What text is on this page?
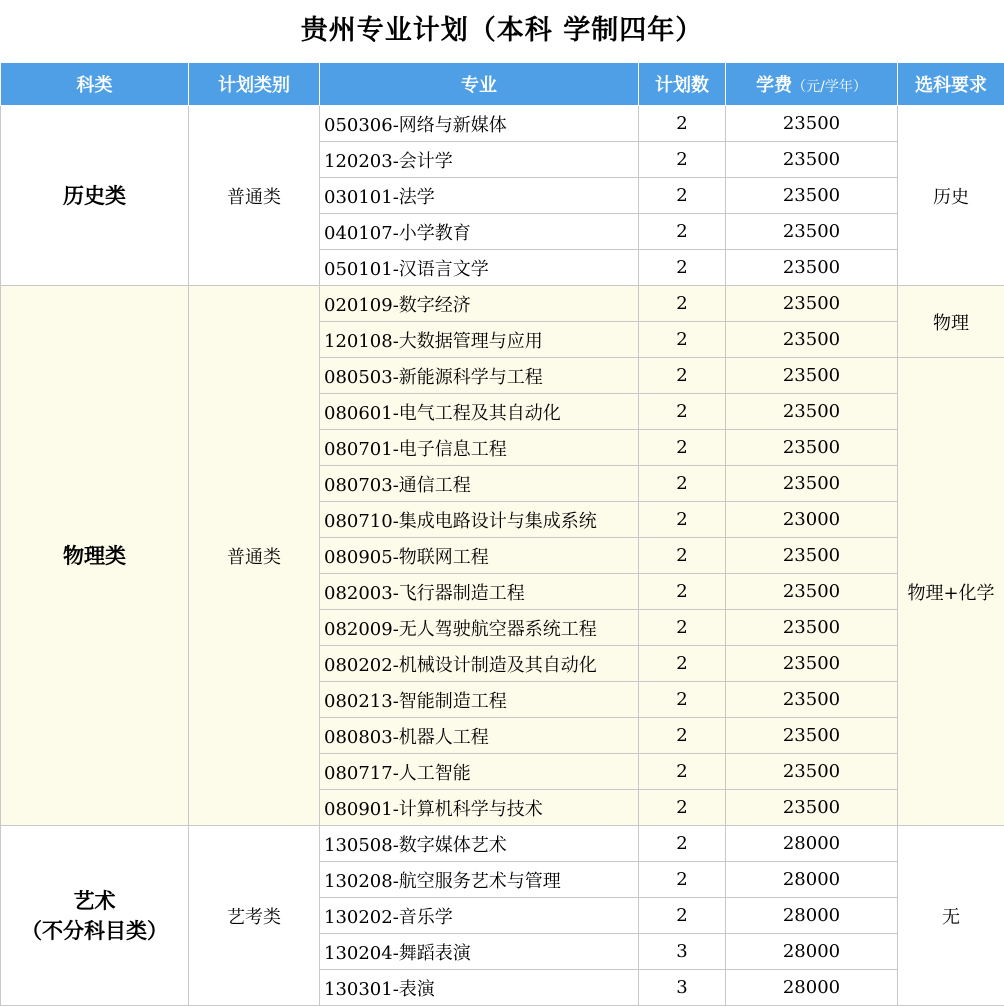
贵州专业计划（本科 学制四年）
科类	计划类别	专业	计划数	学费（元/学年）	选科要求
历史类	普通类	050306-网络与新媒体	2	23500	历史
		120203-会计学	2	23500	
		030101-法学	2	23500	
		040107-小学教育	2	23500	
		050101-汉语言文学	2	23500	
物理类	普通类	020109-数字经济	2	23500	物理
		120108-大数据管理与应用	2	23500	
		080503-新能源科学与工程	2	23500	物理+化学
		080601-电气工程及其自动化	2	23500	
		080701-电子信息工程	2	23500	
		080703-通信工程	2	23500	
		080710-集成电路设计与集成系统	2	23000	
		080905-物联网工程	2	23500	
		082003-飞行器制造工程	2	23500	
		082009-无人驾驶航空器系统工程	2	23500	
		080202-机械设计制造及其自动化	2	23500	
		080213-智能制造工程	2	23500	
		080803-机器人工程	2	23500	
		080717-人工智能	2	23500	
		080901-计算机科学与技术	2	23500	
艺术
（不分科目类）	艺考类	130508-数字媒体艺术	2	28000	无
		130208-航空服务艺术与管理	2	28000	
		130202-音乐学	2	28000	
		130204-舞蹈表演	3	28000	
		130301-表演	3	28000	
